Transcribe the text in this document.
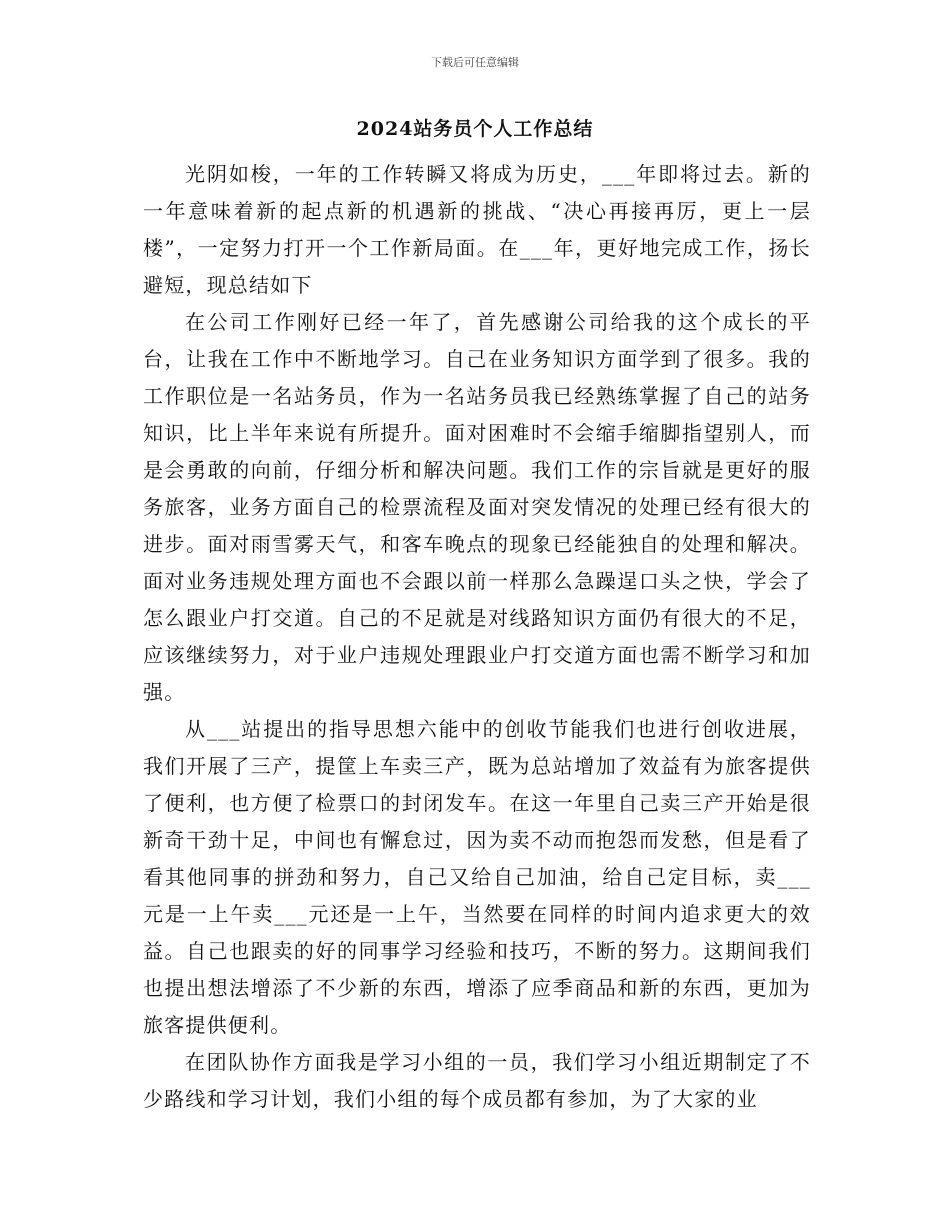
下载后可任意编辑
2024站务员个人工作总结

光阴如梭，一年的工作转瞬又将成为历史，___年即将过去。新的一年意味着新的起点新的机遇新的挑战、“决心再接再厉，更上一层楼”，一定努力打开一个工作新局面。在___年，更好地完成工作，扬长避短，现总结如下

在公司工作刚好已经一年了，首先感谢公司给我的这个成长的平台，让我在工作中不断地学习。自己在业务知识方面学到了很多。我的工作职位是一名站务员，作为一名站务员我已经熟练掌握了自己的站务知识，比上半年来说有所提升。面对困难时不会缩手缩脚指望别人，而是会勇敢的向前，仔细分析和解决问题。我们工作的宗旨就是更好的服务旅客，业务方面自己的检票流程及面对突发情况的处理已经有很大的进步。面对雨雪雾天气，和客车晚点的现象已经能独自的处理和解决。面对业务违规处理方面也不会跟以前一样那么急躁逞口头之快，学会了怎么跟业户打交道。自己的不足就是对线路知识方面仍有很大的不足，应该继续努力，对于业户违规处理跟业户打交道方面也需不断学习和加强。

从___站提出的指导思想六能中的创收节能我们也进行创收进展，我们开展了三产，提筐上车卖三产，既为总站增加了效益有为旅客提供了便利，也方便了检票口的封闭发车。在这一年里自己卖三产开始是很新奇干劲十足，中间也有懈怠过，因为卖不动而抱怨而发愁，但是看了看其他同事的拼劲和努力，自己又给自己加油，给自己定目标，卖___元是一上午卖___元还是一上午，当然要在同样的时间内追求更大的效益。自己也跟卖的好的同事学习经验和技巧，不断的努力。这期间我们也提出想法增添了不少新的东西，增添了应季商品和新的东西，更加为旅客提供便利。

在团队协作方面我是学习小组的一员，我们学习小组近期制定了不少路线和学习计划，我们小组的每个成员都有参加，为了大家的业
